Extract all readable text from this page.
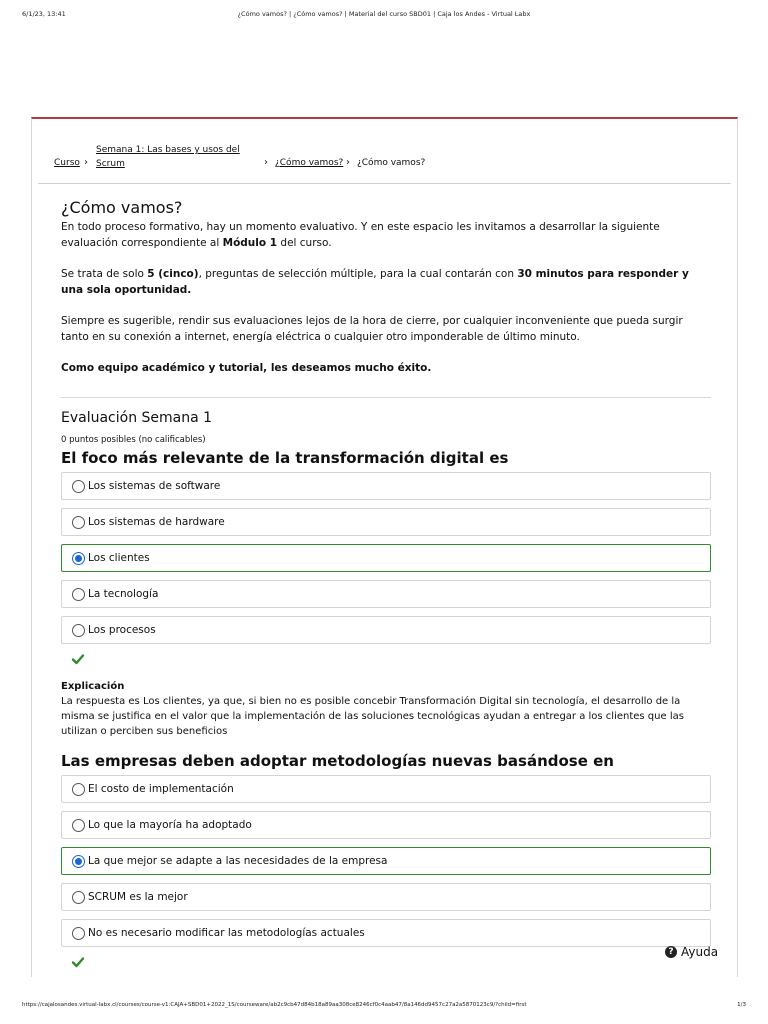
6/1/23, 13:41	¿Cómo vamos? | ¿Cómo vamos? | Material del curso SBD01 | Caja los Andes - Virtual Labx
Curso ›
Semana 1: Las bases y usos del Scrum	› ¿Cómo vamos? › ¿Cómo vamos?
¿Cómo vamos?

En todo proceso formativo, hay un momento evaluativo. Y en este espacio les invitamos a desarrollar la siguiente evaluación correspondiente al Módulo 1 del curso.

Se trata de solo 5 (cinco), preguntas de selección múltiple, para la cual contarán con 30 minutos para responder y una sola oportunidad.

Siempre es sugerible, rendir sus evaluaciones lejos de la hora de cierre, por cualquier inconveniente que pueda surgir tanto en su conexión a internet, energía eléctrica o cualquier otro imponderable de último minuto.

Como equipo académico y tutorial, les deseamos mucho éxito.

Evaluación Semana 1
0 puntos posibles (no calificables)
El foco más relevante de la transformación digital es
Los sistemas de software
Los sistemas de hardware
Los clientes
La tecnología
Los procesos
Explicación
La respuesta es Los clientes, ya que, si bien no es posible concebir Transformación Digital sin tecnología, el desarrollo de la misma se justifica en el valor que la implementación de las soluciones tecnológicas ayudan a entregar a los clientes que las utilizan o perciben sus beneficios
Las empresas deben adoptar metodologías nuevas basándose en
El costo de implementación
Lo que la mayoría ha adoptado
La que mejor se adapte a las necesidades de la empresa
SCRUM es la mejor
No es necesario modificar las metodologías actuales
? Ayuda
https://cajalosandes.virtual-labx.cl/courses/course-v1:CAJA+SBD01+2022_1S/courseware/ab2c9cb47d84b18a89aa308ce8246cf0c4aab47/8a146dd9457c27a2a5870123c9/?child=first	1/3
